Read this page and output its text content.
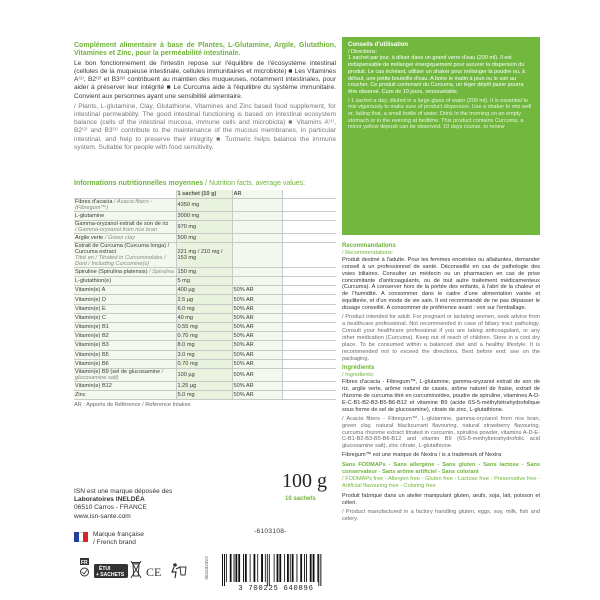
Complément alimentaire à base de Plantes, L-Glutamine, Argile, Glutathion, Vitamines et Zinc, pour la perméabilité intestinale.

Le bon fonctionnement de l'intestin repose sur l'équilibre de l'écosystème intestinal (cellules de la muqueuse intestinale, cellules immunitaires et microbiote) ■ Les Vitamines A⁽¹⁾, B2⁽²⁾ et B3⁽³⁾ contribuent au maintien des muqueuses, notamment intestinales, pour aider à préserver leur intégrité ■ Le Curcuma aide à l'équilibre du système immunitaire. Convient aux personnes ayant une sensibilité alimentaire.

/ Plants, L-glutamine, Clay, Glutathione, Vitamines and Zinc based food supplement, for intestinal permeability. The good intestinal functioning is based on intestinal ecosystem balance (cells of the intestinal mucosa, immune cells and microbiota) ■ Vitamins A⁽¹⁾, B2⁽²⁾ and B3⁽³⁾ contribute to the maintenance of the mucous membranes, in particular intestinal, and help to preserve their integrity ■ Turmeric helps balance the immune system. Suitable for people with food sensitivity.

Informations nutritionnelles moyennes / Nutrition facts, average values:

	1 sachet (10 g)	AR	
Fibres d'acacia / Acacia fibers - (Fibregum™)	4350 mg		
L-glutamine	3000 mg		
Gamma-oryzanol extrait de son de riz
/ Gamma-oryzanol from rice bran	970 mg		
Argile verte / Green clay	500 mg		
Extrait de Curcuma (Curcuma longa) / Curcuma extract
Titré en / Titrated in Curcuminoïdes / Dont / Including Curcumine(s)	221 mg / 210 mg / 153 mg		
Spiruline (Spirulina platensis) / Spirulina	150 mg		
L-glutathion(e)	5 mg		
Vitamin(e) A	400 µg	50% AR	
Vitamin(e) D	2.5 µg	50% AR	
Vitamin(e) E	6.0 mg	50% AR	
Vitamin(e) C	40 mg	50% AR	
Vitamin(e) B1	0.55 mg	50% AR	
Vitamin(e) B2	0.70 mg	50% AR	
Vitamin(e) B3	8.0 mg	50% AR	
Vitamin(e) B5	3.0 mg	50% AR	
Vitamin(e) B6	0.70 mg	50% AR	
Vitamin(e) B9 (sel de glucosamine / glucosamine salt)	100 µg	50% AR	
Vitamin(e) B12	1.25 µg	50% AR	
Zinc	5.0 mg	50% AR	

AR : Apports de Référence / Reference Intakes

ISN est une marque déposée des
Laboratoires INELDÉA
06510 Carros - FRANCE
www.isn-sante.com
Marque française
/ French brand
100 g
10 sachets
-6103108-
FR
ÉTUI
+ SACHETS CE	0610323V2
3 700225 640896
Conseils d'utilisation
/ Directions:
1 sachet par jour, à diluer dans un grand verre d'eau (200 ml). Il est indispensable de mélanger énergiquement pour assurer la dispersion du produit. Le cas échéant, utiliser un shaker pour mélanger la poudre ou, à défaut, une petite bouteille d'eau. A boire le matin à jeun ou le soir au coucher. Ce produit contenant du Curcuma, un léger dépôt jaune pourra être observé. Cure de 10 jours, renouvelable.
/ 1 sachet a day, diluted in a large glass of water (200 ml). It is essential to mix vigorously to make sure of product dispersion. Use a shaker to mix well or, failing that, a small bottle of water. Drink in the morning on an empty stomach or in the evening at bedtime. This product contains Curcuma, a minor yellow deposit can be observed. 10 days course, to renew
Recommandations
/ Recommendations:
Produit destiné à l'adulte. Pour les femmes enceintes ou allaitantes, demander conseil à un professionnel de santé. Déconseillé en cas de pathologie des voies biliaires. Consulter un médecin ou un pharmacien en cas de prise concomitante d'anticoagulants, ou de tout autre traitement médicamenteux (Curcuma). A conserver hors de la portée des enfants, à l'abri de la chaleur et de l'humidité. A consommer dans le cadre d'une alimentation variée et équilibrée, et d'un mode de vie sain. Il est recommandé de ne pas dépasser le dosage conseillé. A consommer de préférence avant : voir sur l'emballage.
/ Product intended for adult. For pregnant or lactating women, seek advice from a healthcare professional. Not recommended in case of biliary tract pathology. Consult your healthcare professional if you are taking anticoagulant, or any other medication (Curcuma). Keep out of reach of children. Store in a cool dry place. To be consumed within a balanced diet and a healthy lifestyle. It is recommended not to exceed the directions. Best before end: see on the packaging.
Ingrédients
/ Ingredients:
Fibres d'acacia - Fibregum™, L-glutamine, gamma-oryzanol extrait de son de riz, argile verte, arôme naturel de cassis, arôme naturel de fraise, extrait de rhizome de curcuma titré en curcuminoïdes, poudre de spiruline, vitamines A-D-E-C-B1-B2-B3-B5-B6-B12 et vitamine B9 (acide 6S-5-méthyltétrahydrofolique sous forme de sel de glucosamine), citrate de zinc, L-glutathione.
/ Acacia fibers - Fibregum™, L-glutamine, gamma-oryzanol from rice bran, green clay, natural blackcurrant flavouring, natural strawberry flavouring, curcuma rhizome extract titrated in curcumin, spirulina powder, vitamins A-D-E-C-B1-B2-B3-B5-B6-B12 and vitamin B9 (6S-5-methyltetrahydrofolic acid glucosamine salt), zinc citrate, L-glutathione.
Fibregum™ est une marque de Nexira / is a trademark of Nexira
Sans FODMAPs - Sans allergène - Sans gluten - Sans lactose - Sans conservateur - Sans arôme artificiel - Sans colorant
/ FODMAPs free - Allergen free - Gluten free - Lactose free - Preservative free - Artificial flavouring free - Coloring free
Produit fabriqué dans un atelier manipulant gluten, œufs, soja, lait, poisson et céleri.
/ Product manufactured in a factory handling gluten, eggs, soy, milk, fish and celery.
